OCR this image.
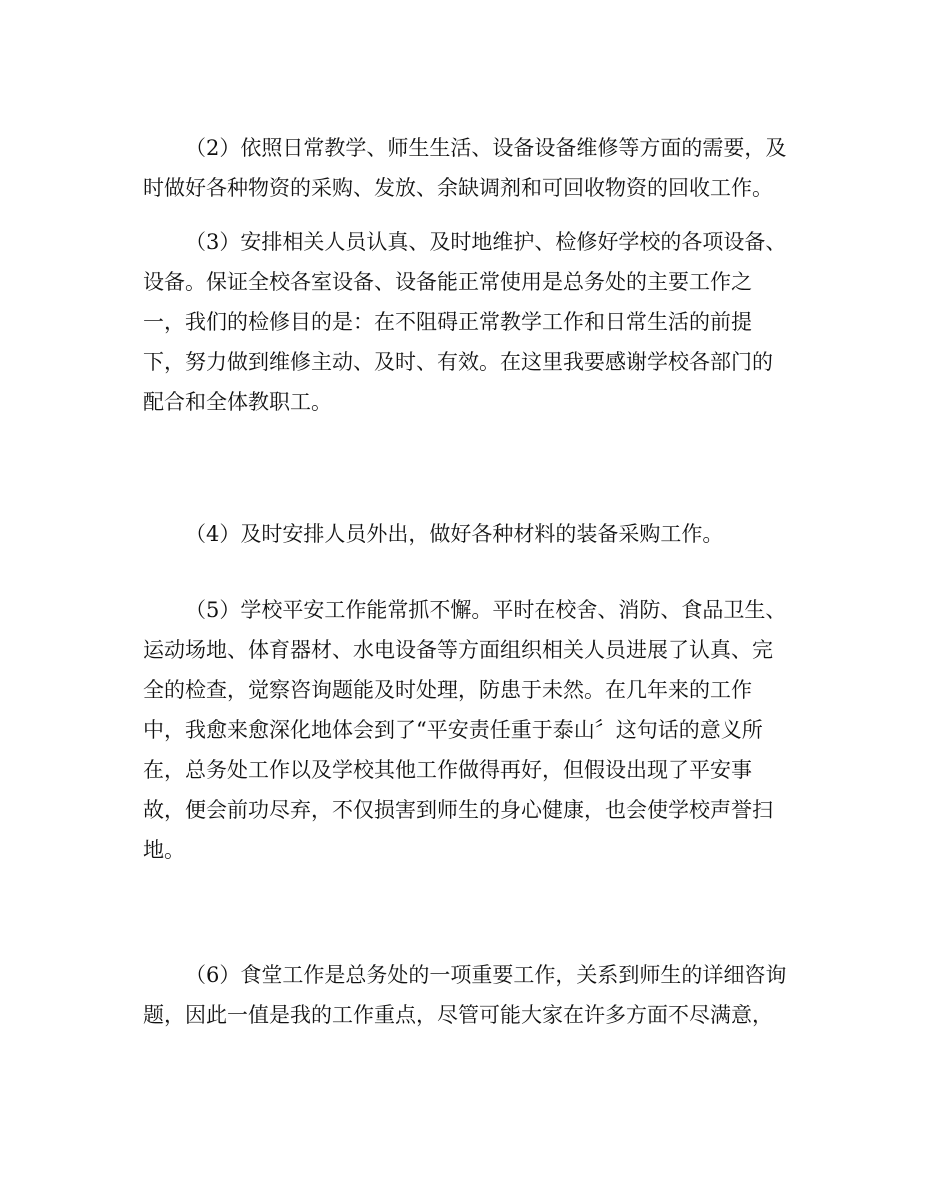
（2）依照日常教学、师生生活、设备设备维修等方面的需要，及
时做好各种物资的采购、发放、余缺调剂和可回收物资的回收工作。
（3）安排相关人员认真、及时地维护、检修好学校的各项设备、
设备。保证全校各室设备、设备能正常使用是总务处的主要工作之
一，我们的检修目的是：在不阻碍正常教学工作和日常生活的前提
下，努力做到维修主动、及时、有效。在这里我要感谢学校各部门的
配合和全体教职工。
（4）及时安排人员外出，做好各种材料的装备采购工作。
（5）学校平安工作能常抓不懈。平时在校舍、消防、食品卫生、
运动场地、体育器材、水电设备等方面组织相关人员进展了认真、完
全的检查，觉察咨询题能及时处理，防患于未然。在几年来的工作
中，我愈来愈深化地体会到了“平安责任重于泰山〞这句话的意义所
在，总务处工作以及学校其他工作做得再好，但假设出现了平安事
故，便会前功尽弃，不仅损害到师生的身心健康，也会使学校声誉扫
地。
（6）食堂工作是总务处的一项重要工作，关系到师生的详细咨询
题，因此一值是我的工作重点，尽管可能大家在许多方面不尽满意，
